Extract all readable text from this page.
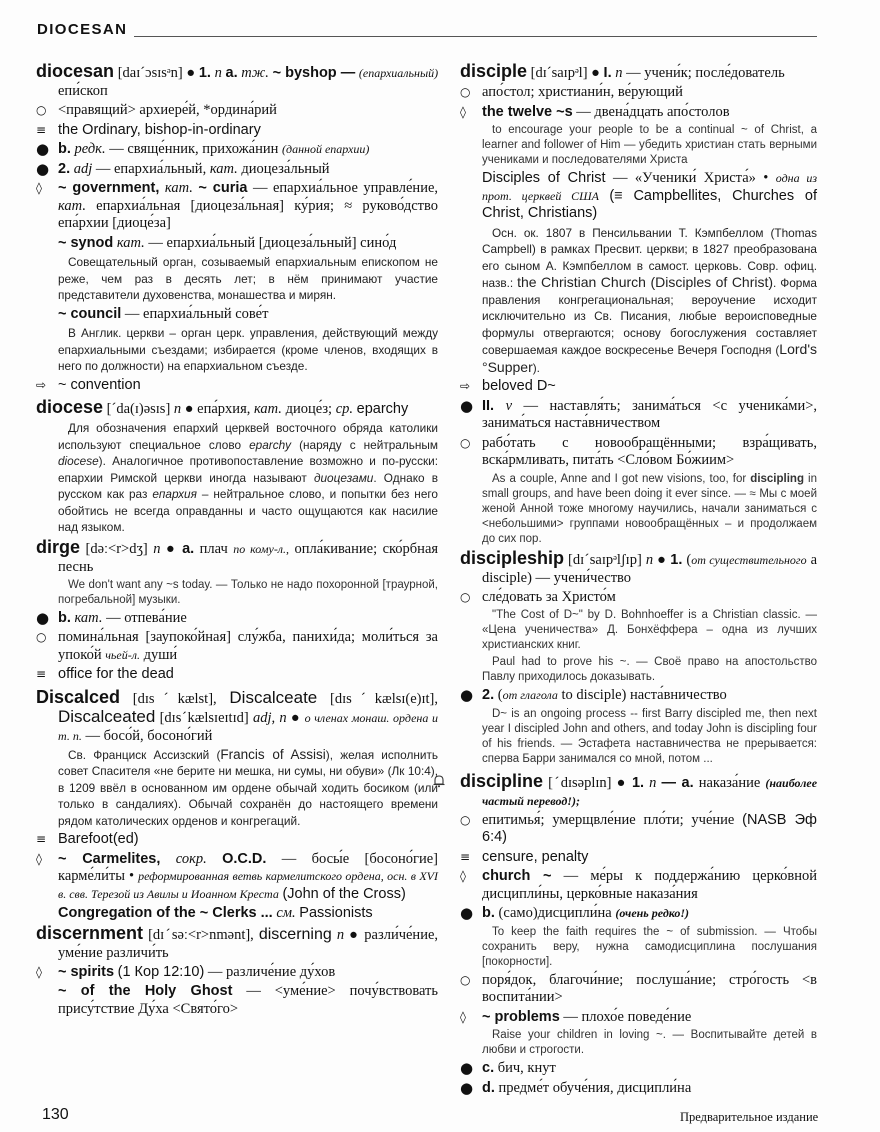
DIOCESAN
diocesan [daɪˊɔsɪsᵊn] ● 1. n a. тж. ~ byshop — (епархиальный) епи́скоп
○ <правящий> архиере́й, *ордина́рий
≡ the Ordinary, bishop-in-ordinary
● b. редк. — свяще́нник, прихожа́нин (данной епархии)
● 2. adj — епархиа́льный, кат. диоцеза́льный
◊	~ government, кат. ~ curia — епархиа́льное управле́ние, кат. епархиа́льная [диоцеза́льная] ку́рия; ≈ руково́дство епа́рхии [диоце́за]
~ synod кат. — епархиа́льный [диоцеза́льный] сино́д

Совещательный орган, созываемый епархиальным епископом не реже, чем раз в десять лет; в нём принимают участие представители духовенства, монашества и мирян.

~ council — епархиа́льный сове́т

В Англик. церкви – орган церк. управления, действующий между епархиальными съездами; избирается (кроме членов, входящих в него по должности) на епархиальном съезде.

⇨ ~ convention
diocese [ˊda(ɪ)əsɪs] n ● епа́рхия, кат. диоце́з; ср. eparchy

Для обозначения епархий церквей восточного обряда католики используют специальное слово eparchy (наряду с нейтральным diocese). Аналогичное противопоставление возможно и по-русски: епархии Римской церкви иногда называют диоцезами. Однако в русском как раз епархия – нейтральное слово, и попытки без него обойтись не всегда оправданны и часто ощущаются как насилие над языком.

dirge [dəː<r>dʒ] n ● a. плач по кому-л., опла́кивание; ско́рбная песнь

We don't want any ~s today. — Только не надо похоронной [траурной, погребальной] музыки.

● b. кат. — отпева́ние
○ помина́льная [заупоко́йная] слу́жба, панихи́да; моли́ться за упоко́й чьей-л. души́
≡ office for the dead
Discalced [dɪsˊkælst], Discalceate [dɪsˊkælsɪ(e)ɪt], Discalceated [dɪsˊkælsɪeɪtɪd] adj, n ● о членах монаш. ордена и т. п. — босо́й, босоно́гий

Св. Франциск Ассизский (Francis of Assisi), желая исполнить совет Спасителя «не берите ни мешка, ни сумы, ни обуви» (Лк 10:4), в 1209 ввёл в основанном им ордене обычай ходить босиком (или только в сандалиях). Обычай сохранён до настоящего времени рядом католических орденов и конгрегаций.

≡ Barefoot(ed)
◊	~ Carmelites, сокр. O.C.D. — босы́е [босоно́гие] карме́ли́ты • реформированная ветвь кармелитского ордена, осн. в XVI в. свв. Терезой из Авилы и Иоанном Креста (John of the Cross)
Congregation of the ~ Clerks ... см. Passionists
discernment [dɪˊsəː<r>nmənt], discerning n ● разли́че́ние, уме́ние различи́ть
◊	~ spirits (1 Кор 12:10) — различе́ние ду́хов
~ of the Holy Ghost — <уме́ние> почу́вствовать прису́тствие Ду́ха <Свято́го>
disciple [dɪˊsaɪpᵊl] ● I. n — учени́к; после́дователь
○ апо́стол; христиани́н, ве́рующий
◊	the twelve ~s — двена́дцать апо́столов

to encourage your people to be a continual ~ of Christ, a learner and follower of Him — убедить христиан стать верными учениками и последователями Христа

Disciples of Christ — «Ученики́ Христа́» • одна из прот. церквей США (≡ Campbellites, Churches of Christ, Christians)

Осн. ок. 1807 в Пенсильвании Т. Кэмпбеллом (Thomas Campbell) в рамках Пресвит. церкви; в 1827 преобразована его сыном А. Кэмпбеллом в самост. церковь. Совр. офиц. назв.: the Christian Church (Disciples of Christ). Форма правления конгрегациональная; вероучение исходит исключительно из Св. Писания, любые вероисповедные формулы отвергаются; основу богослужения составляет совершаемая каждое воскресенье Вечеря Господня (Lord's °Supper).

⇨ beloved D~
● II. v — наставля́ть; занима́ться <с ученика́ми>, занима́ться наста́вничеством
○ рабо́тать с новообращёнными; взра́щивать, вска́рмливать, пита́ть <Сло́вом Бо́жиим>

As a couple, Anne and I got new visions, too, for discipling in small groups, and have been doing it ever since. — ≈ Мы с моей женой Анной тоже многому научились, начали заниматься с <небольшими> группами новообращённых – и продолжаем до сих пор.

discipleship [dɪˊsaɪpᵊlʃɪp] n ● 1. (от существительного a disciple) — учени́чество
○ сле́довать за Христо́м

"The Cost of D~" by D. Bohnhoeffer is a Christian classic. — «Цена ученичества» Д. Бонхёффера – одна из лучших христианских книг.

Paul had to prove his ~. — Своё право на апостольство Павлу приходилось доказывать.

● 2. (от глагола to disciple) наста́вничество

D~ is an ongoing process -- first Barry discipled me, then next year I discipled John and others, and today John is discipling four of his friends. — Эстафета наставничества не прерывается: сперва Барри занимался со мной, потом ...

discipline [ˊdɪsəplɪn] ● 1. n — a. наказа́ние (наиболее частый перевод!);
○ епитимья́; умерщвле́ние пло́ти; уче́ние (NASB Эф 6:4)
≡ censure, penalty
◊	church ~ — ме́ры к поддержа́нию церко́вной дисципли́ны, церко́вные наказа́ния
● b. (само)дисципли́на (очень редко!)

To keep the faith requires the ~ of submission. — Чтобы сохранить веру, нужна самодисциплина послушания [покорности].

○ поря́док, благочи́ние; послуша́ние; стро́гость <в воспита́нии>
◊	~ problems — плохо́е поведе́ние

Raise your children in loving ~. — Воспитывайте детей в любви и строгости.

● c. бич, кнут
● d. предме́т обуче́ния, дисципли́на
130	Предварительное издание
